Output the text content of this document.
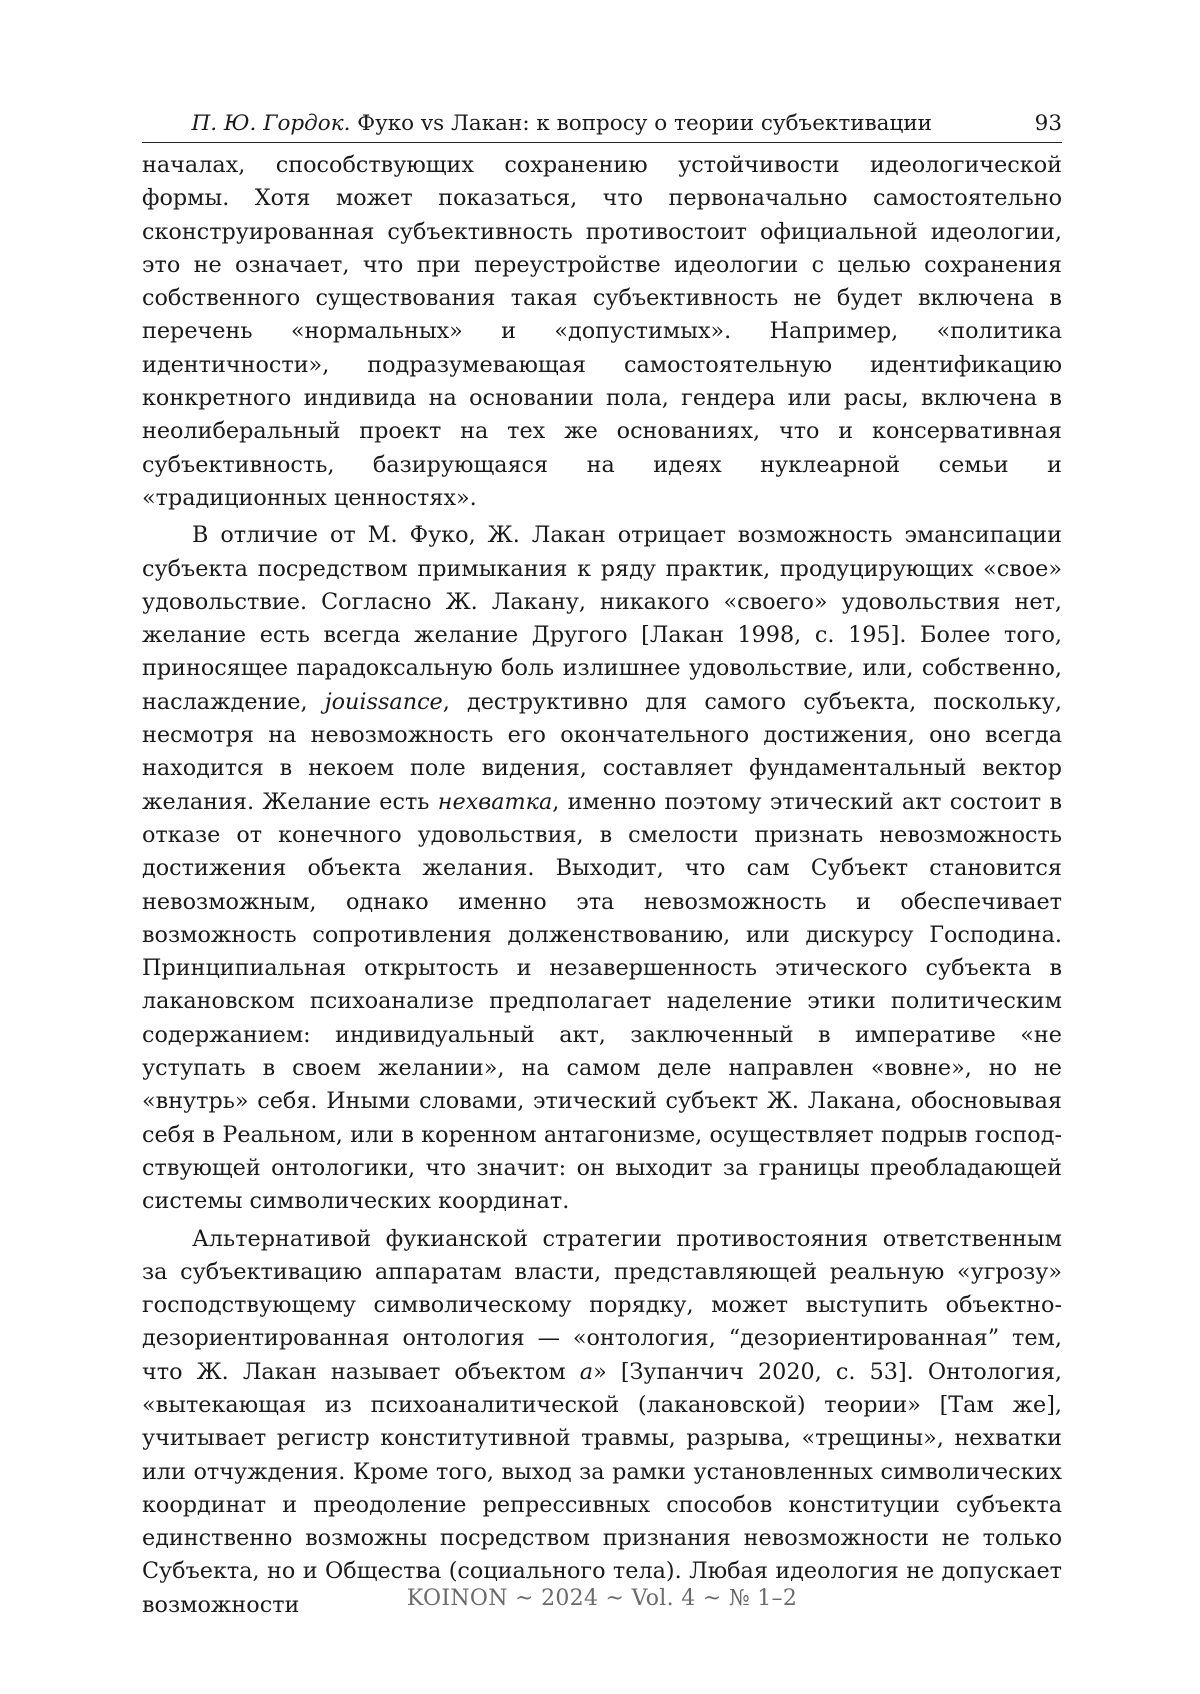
П. Ю. Гордок. Фуко vs Лакан: к вопросу о теории субъективации	93

началах, способствующих сохранению устойчивости идеологической формы. Хотя может показаться, что первоначально самостоятельно сконструированная субъективность противостоит официальной идеологии, это не означает, что при переустройстве идеологии с целью сохранения собственного существования такая субъективность не будет включена в перечень «нормальных» и «допустимых». Например, «политика идентичности», подразумевающая самостоятельную идентификацию конкретного индивида на основании пола, гендера или расы, включена в неолиберальный проект на тех же основаниях, что и консервативная субъективность, базирующаяся на идеях нуклеарной семьи и «традиционных ценностях».

В отличие от М. Фуко, Ж. Лакан отрицает возможность эмансипации субъекта посредством примыкания к ряду практик, продуцирующих «свое» удовольствие. Согласно Ж. Лакану, никакого «своего» удовольствия нет, желание есть всегда желание Другого [Лакан 1998, с. 195]. Более того, приносящее парадоксальную боль излишнее удовольствие, или, собственно, наслаждение, jouissance, деструктивно для самого субъекта, поскольку, несмотря на невозможность его окончательного достижения, оно всегда находится в некоем поле видения, составляет фундаментальный вектор желания. Желание есть нехватка, именно поэтому этический акт состоит в отказе от конечного удовольствия, в смелости признать невозможность достижения объекта желания. Выходит, что сам Субъект становится невозможным, однако именно эта невозможность и обеспечивает возможность сопротивления долженствованию, или дискурсу Господина. Принципиальная открытость и незавершенность этического субъекта в лакановском психоанализе предполагает наделение этики политическим содержанием: индивидуальный акт, заключенный в императиве «не уступать в своем желании», на самом деле направлен «вовне», но не «внутрь» себя. Иными словами, этический субъект Ж. Лакана, обосновывая себя в Реальном, или в коренном антагонизме, осуществляет подрыв господствующей онтологики, что значит: он выходит за границы преобладающей системы символических координат.

Альтернативой фукианской стратегии противостояния ответственным за субъективацию аппаратам власти, представляющей реальную «угрозу» господствующему символическому порядку, может выступить объектно-дезориентированная онтология — «онтология, “дезориентированная” тем, что Ж. Лакан называет объектом a» [Зупанчич 2020, с. 53]. Онтология, «вытекающая из психоаналитической (лакановской) теории» [Там же], учитывает регистр конститутивной травмы, разрыва, «трещины», нехватки или отчуждения. Кроме того, выход за рамки установленных символических координат и преодоление репрессивных способов конституции субъекта единственно возможны посредством признания невозможности не только Субъекта, но и Общества (социального тела). Любая идеология не допускает возможности	KOINON ~ 2024 ~ Vol. 4 ~ № 1–2
